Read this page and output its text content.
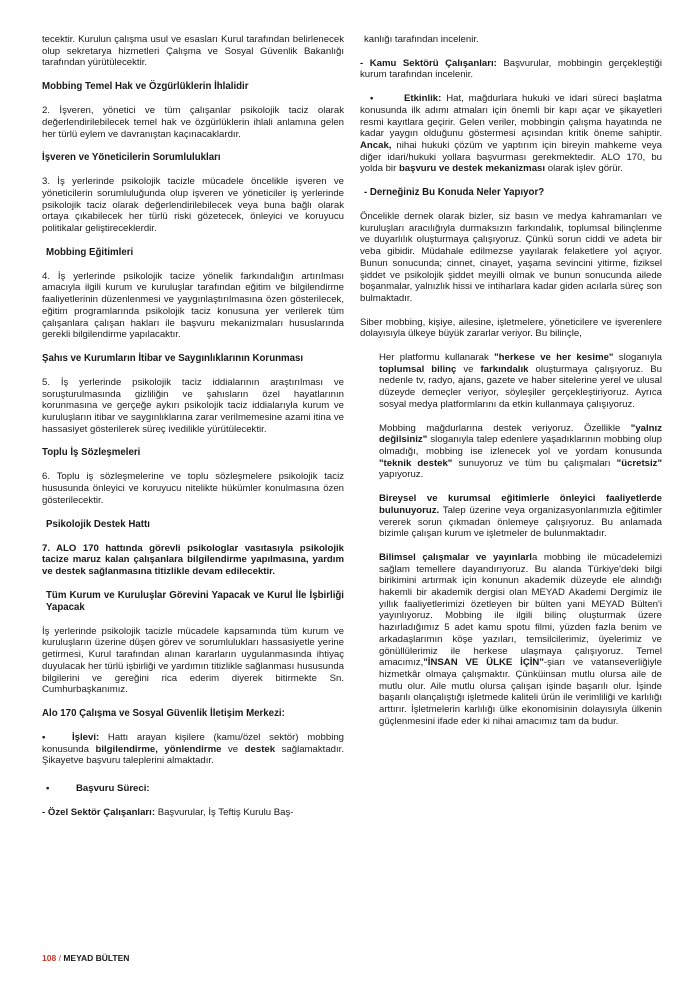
tecektir. Kurulun çalışma usul ve esasları Kurul tarafından belirlenecek olup sekretarya hizmetleri Çalışma ve Sosyal Güvenlik Bakanlığı tarafından yürütülecektir.

Mobbing Temel Hak ve Özgürlüklerin İhlalidir

2. İşveren, yönetici ve tüm çalışanlar psikolojik taciz olarak değerlendirilebilecek temel hak ve özgürlüklerin ihlali anlamına gelen her türlü eylem ve davranıştan kaçınacaklardır.

İşveren ve Yöneticilerin Sorumlulukları

3. İş yerlerinde psikolojik tacizle mücadele öncelikle işveren ve yöneticilerin sorumluluğunda olup işveren ve yöneticiler iş yerlerinde psikolojik taciz olarak değerlendirilebilecek veya buna bağlı olarak ortaya çıkabilecek her türlü riski gözetecek, önleyici ve koruyucu politikalar geliştireceklerdir.

Mobbing Eğitimleri

4. İş yerlerinde psikolojik tacize yönelik farkındalığın artırılması amacıyla ilgili kurum ve kuruluşlar tarafından eğitim ve bilgilendirme faaliyetlerinin düzenlenmesi ve yaygınlaştırılmasına özen gösterilecek, eğitim programlarında psikolojik taciz konusuna yer verilerek tüm çalışanlara çalışan hakları ile başvuru mekanizmaları hususlarında gerekli bilgilendirme yapılacaktır.

Şahıs ve Kurumların İtibar ve Saygınlıklarının Korunması

5. İş yerlerinde psikolojik taciz iddialarının araştırılması ve soruşturulmasında gizliliğin ve şahısların özel hayatlarının korunmasına ve gerçeğe aykırı psikolojik taciz iddialarıyla kurum ve kuruluşların itibar ve saygınlıklarına zarar verilmemesine azami itina ve hassasiyet gösterilerek süreç ivedilikle yürütülecektir.

Toplu İş Sözleşmeleri

6. Toplu iş sözleşmelerine ve toplu sözleşmelere psikolojik taciz hususunda önleyici ve koruyucu nitelikte hükümler konulmasına özen gösterilecektir.

Psikolojik Destek Hattı

7. ALO 170 hattında görevli psikologlar vasıtasıyla psikolojik tacize maruz kalan çalışanlara bilgilendirme yapılmasına, yardım ve destek sağlanmasına titizlikle devam edilecektir.

Tüm Kurum ve Kuruluşlar Görevini Yapacak ve Kurul İle İşbirliği Yapacak

İş yerlerinde psikolojik tacizle mücadele kapsamında tüm kurum ve kuruluşların üzerine düşen görev ve sorumlulukları hassasiyetle yerine getirmesi, Kurul tarafından alınan kararların uygulanmasında ihtiyaç duyulacak her türlü işbirliği ve yardımın titizlikle sağlanması hususunda bilgilerini ve gereğini rica ederim diyerek bitirmekte Sn. Cumhurbaşkanımız.

Alo 170 Çalışma ve Sosyal Güvenlik İletişim Merkezi:

•	İşlevi: Hattı arayan kişilere (kamu/özel sektör) mobbing konusunda bilgilendirme, yönlendirme ve destek sağlamaktadır. Şikayetve başvuru taleplerini almaktadır.

•	Başvuru Süreci:

- Özel Sektör Çalışanları: Başvurular, İş Teftiş Kurulu Baş-

kanlığı tarafından incelenir.

- Kamu Sektörü Çalışanları: Başvurular, mobbingin gerçekleştiği kurum tarafından incelenir.

•	Etkinlik: Hat, mağdurlara hukuki ve idari süreci başlatma konusunda ilk adımı atmaları için önemli bir kapı açar ve şikayetleri resmi kayıtlara geçirir. Gelen veriler, mobbingin çalışma hayatında ne kadar yaygın olduğunu göstermesi açısından kritik öneme sahiptir. Ancak, nihai hukuki çözüm ve yaptırım için bireyin mahkeme veya diğer idari/hukuki yollara başvurması gerekmektedir. ALO 170, bu yolda bir başvuru ve destek mekanizması olarak işlev görür.

- Derneğiniz Bu Konuda Neler Yapıyor?

Öncelikle dernek olarak bizler, siz basın ve medya kahramanları ve kuruluşları aracılığıyla durmaksızın farkındalık, toplumsal bilinçlenme ve duyarlılık oluşturmaya çalışıyoruz. Çünkü sorun ciddi ve adeta bir veba gibidir. Müdahale edilmezse yayılarak felaketlere yol açıyor. Bunun sonucunda; cinnet, cinayet, yaşama sevincini yitirme, fiziksel şiddet ve psikolojik şiddet meyilli olmak ve bunun sonucunda ailede boşanmalar, yalnızlık hissi ve intiharlara kadar giden acılarla süreç son bulmaktadır.

Siber mobbing, kişiye, ailesine, işletmelere, yöneticilere ve işverenlere dolayısıyla ülkeye büyük zararlar veriyor. Bu bilinçle,

Her platformu kullanarak "herkese ve her kesime" sloganıyla toplumsal bilinç ve farkındalık oluşturmaya çalışıyoruz. Bu nedenle tv, radyo, ajans, gazete ve haber sitelerine yerel ve ulusal düzeyde demeçler veriyor, söyleşiler gerçekleştiriyoruz. Ayrıca sosyal medya platformlarını da etkin kullanmaya çalışıyoruz.

Mobbing mağdurlarına destek veriyoruz. Özellikle "yalnız değilsiniz" sloganıyla talep edenlere yaşadıklarının mobbing olup olmadığı, mobbing ise izlenecek yol ve yordam konusunda "teknik destek" sunuyoruz ve tüm bu çalışmaları "ücretsiz" yapıyoruz.

Bireysel ve kurumsal eğitimlerle önleyici faaliyetlerde bulunuyoruz. Talep üzerine veya organizasyonlarımızla eğitimler vererek sorun çıkmadan önlemeye çalışıyoruz. Bu anlamada bizimle çalışan kurum ve işletmeler de bulunmaktadır.

Bilimsel çalışmalar ve yayınlarla mobbing ile mücadelemizi sağlam temellere dayandırıyoruz. Bu alanda Türkiye'deki bilgi birikimini artırmak için konunun akademik düzeyde ele alındığı hakemli bir akademik dergisi olan MEYAD Akademi Dergimiz ile yıllık faaliyetlerimizi özetleyen bir bülten yani MEYAD Bülten'i yayınlıyoruz. Mobbing ile ilgili bilinç oluşturmak üzere hazırladığımız 5 adet kamu spotu filmi, yüzden fazla benim ve arkadaşlarımın köşe yazıları, temsilcilerimiz, üyelerimiz ve gönüllülerimiz ile herkese ulaşmaya çalışıyoruz. Temel amacımız,"İNSAN VE ÜLKE İÇİN"-şiarı ve vatanseverliğiyle hizmetkâr olmaya çalışmaktır. Çünküinsan mutlu olursa aile de mutlu olur. Aile mutlu olursa çalışan işinde başarılı olur. İşinde başarılı olançalıştığı işletmede kaliteli ürün ile verimliliği ve karlılığı arttırır. İşletmelerin karlılığı ülke ekonomisinin dolayısıyla ülkenin güçlenmesini ifade eder ki nihai amacımız tam da budur.

108 / MEYAD BÜLTEN
